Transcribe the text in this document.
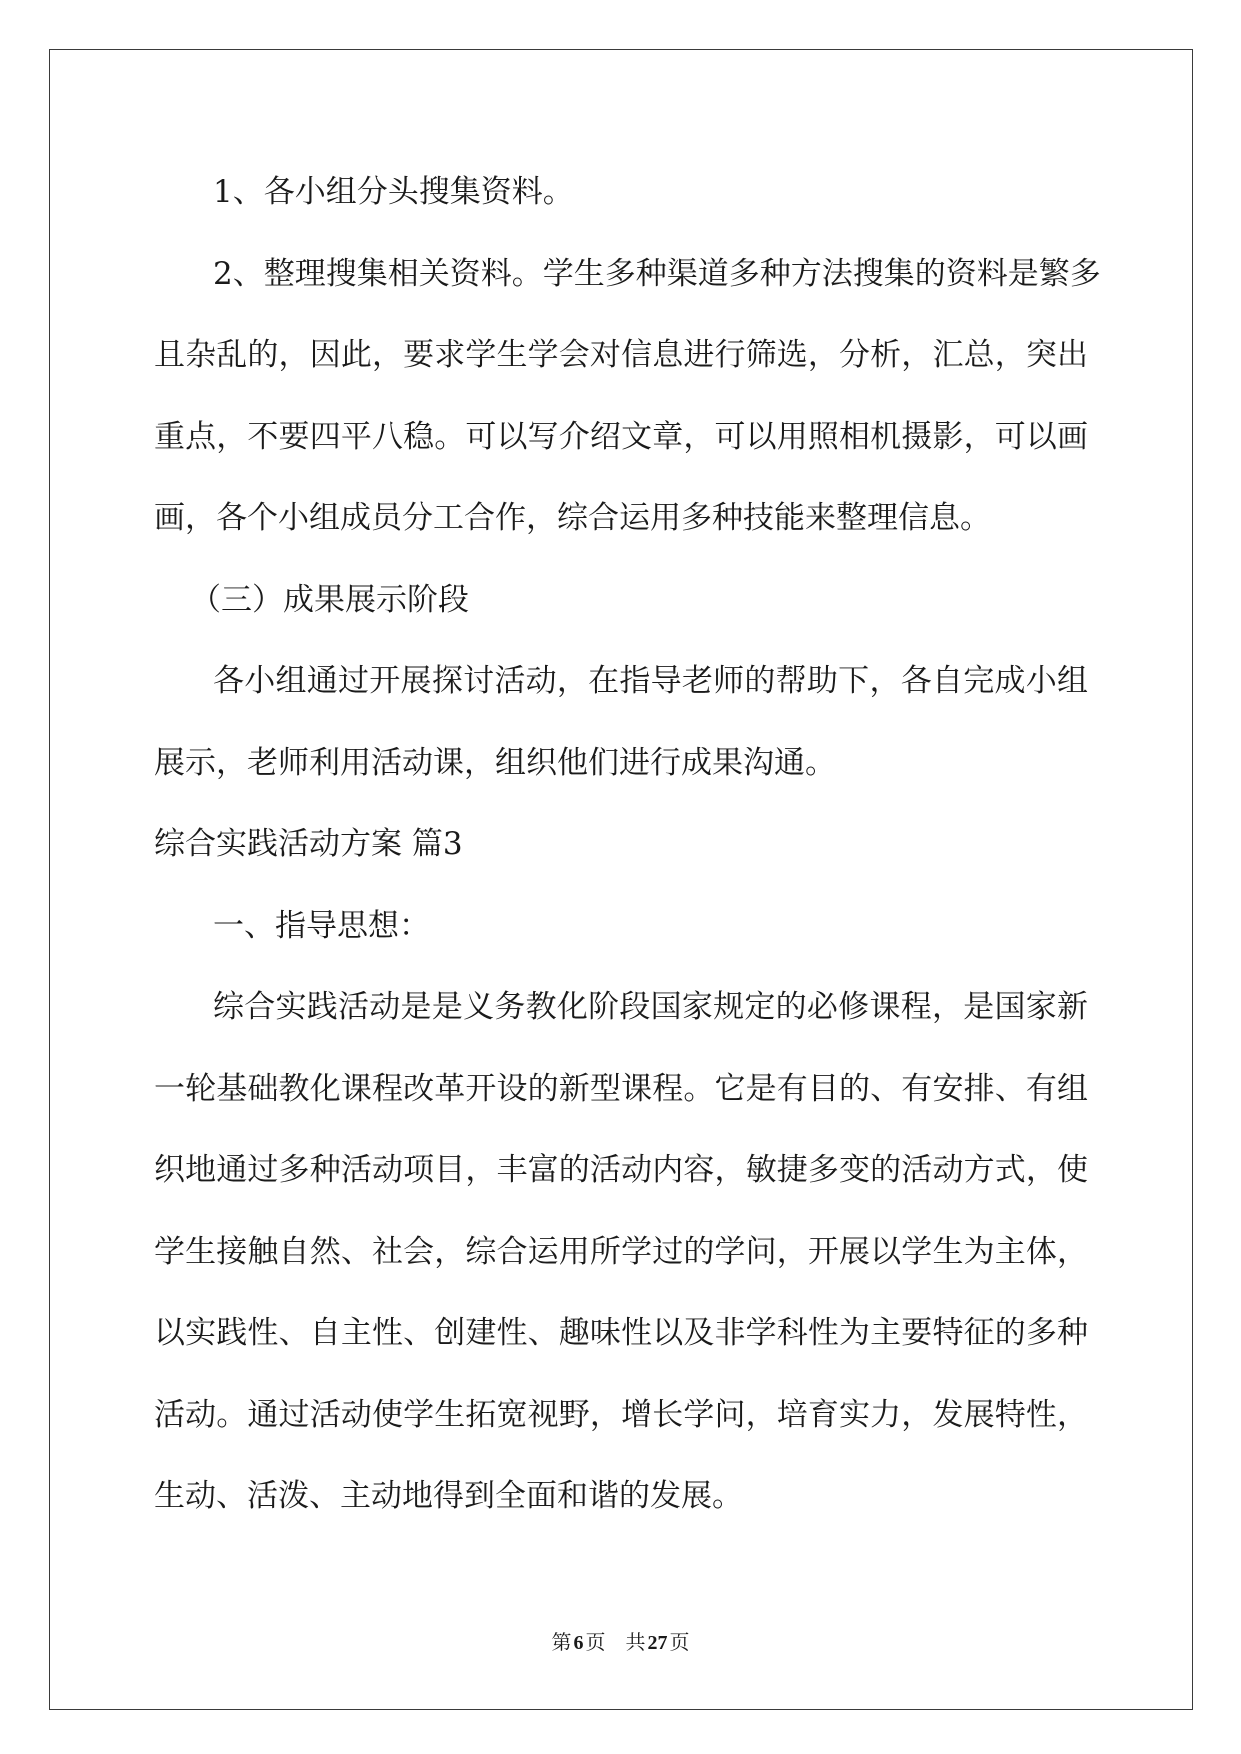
1、各小组分头搜集资料。
2、整理搜集相关资料。学生多种渠道多种方法搜集的资料是繁多
且杂乱的，因此，要求学生学会对信息进行筛选，分析，汇总，突出
重点，不要四平八稳。可以写介绍文章，可以用照相机摄影，可以画
画，各个小组成员分工合作，综合运用多种技能来整理信息。
（三）成果展示阶段
各小组通过开展探讨活动，在指导老师的帮助下，各自完成小组
展示，老师利用活动课，组织他们进行成果沟通。
综合实践活动方案 篇3
一、指导思想：
综合实践活动是是义务教化阶段国家规定的必修课程，是国家新
一轮基础教化课程改革开设的新型课程。它是有目的、有安排、有组
织地通过多种活动项目，丰富的活动内容，敏捷多变的活动方式，使
学生接触自然、社会，综合运用所学过的学问，开展以学生为主体，
以实践性、自主性、创建性、趣味性以及非学科性为主要特征的多种
活动。通过活动使学生拓宽视野，增长学问，培育实力，发展特性，
生动、活泼、主动地得到全面和谐的发展。
第 6 页 共 27 页
